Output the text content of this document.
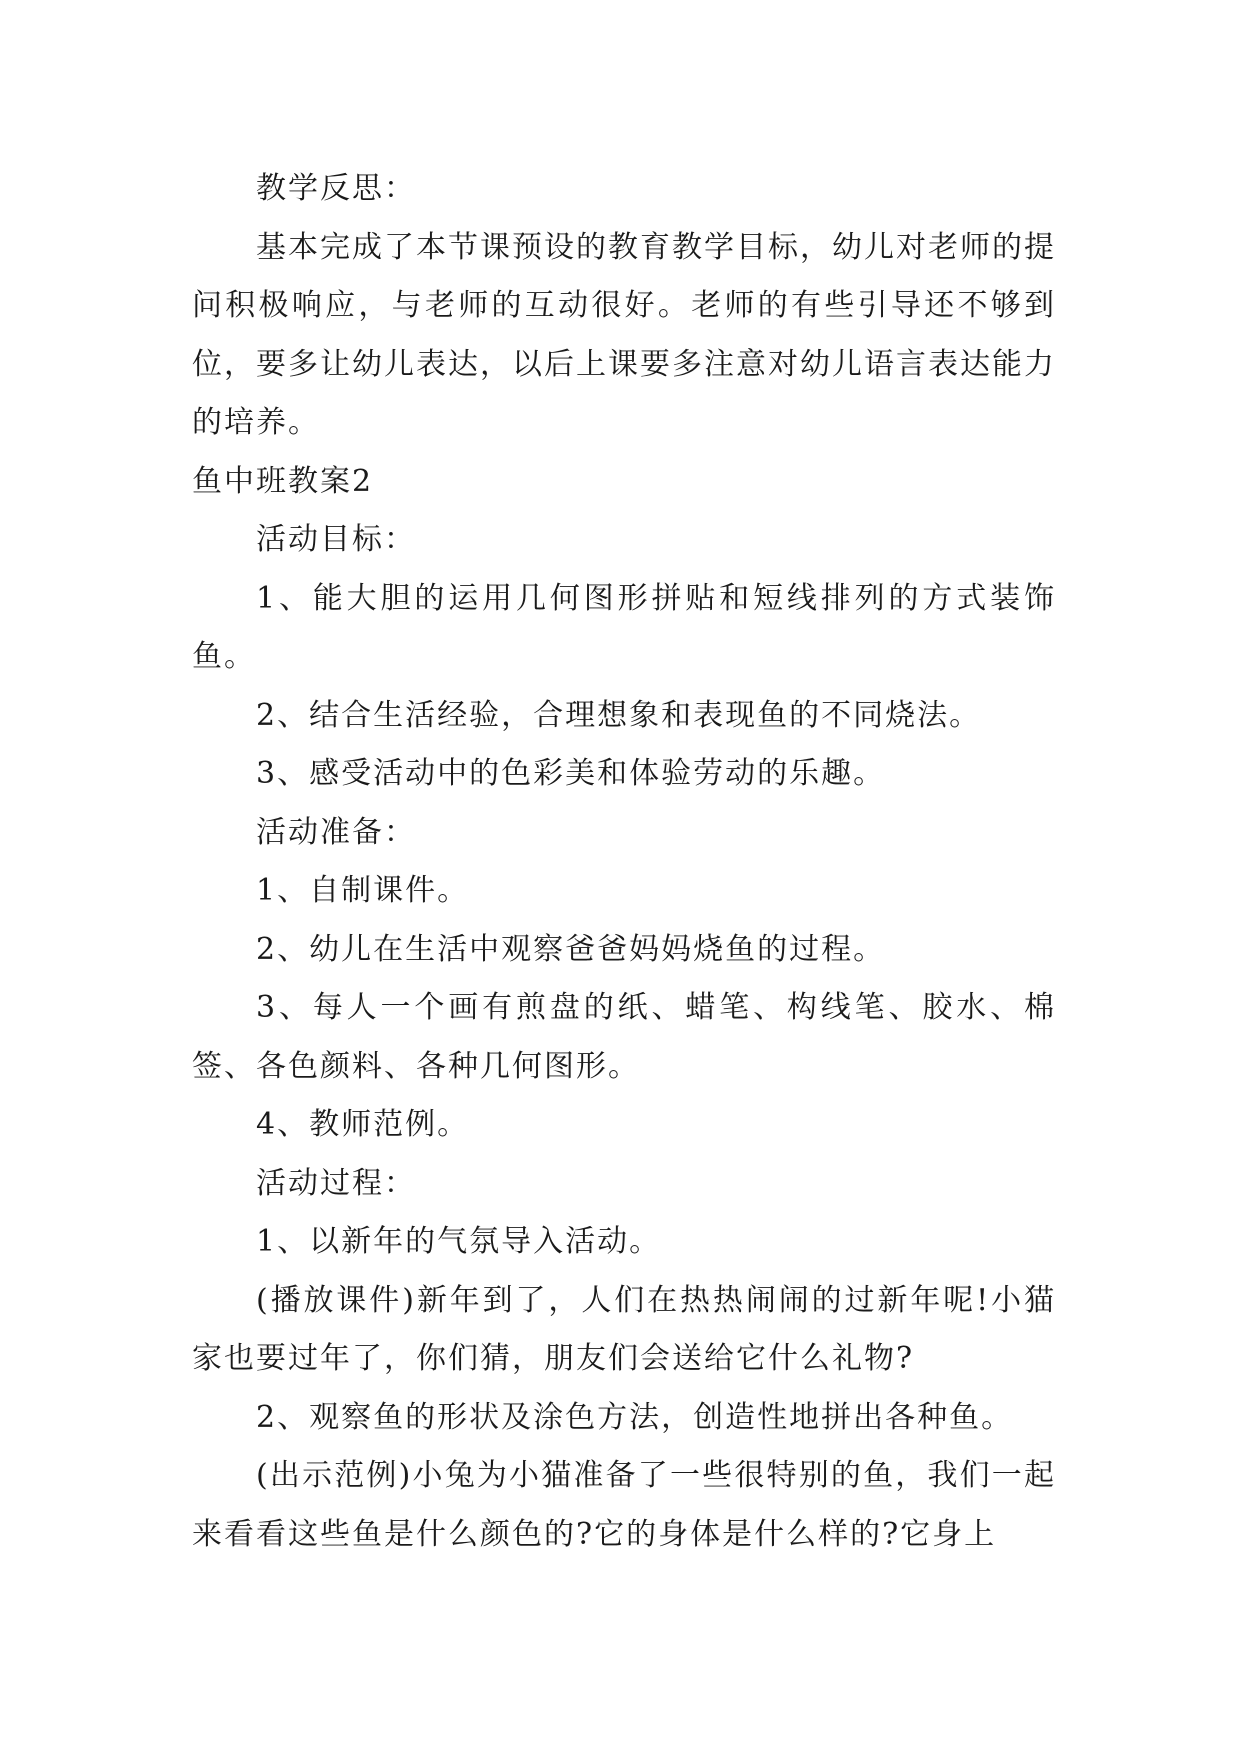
教学反思：

基本完成了本节课预设的教育教学目标，幼儿对老师的提问积极响应，与老师的互动很好。老师的有些引导还不够到位，要多让幼儿表达，以后上课要多注意对幼儿语言表达能力的培养。

鱼中班教案2

活动目标：

1、能大胆的运用几何图形拼贴和短线排列的方式装饰鱼。

2、结合生活经验，合理想象和表现鱼的不同烧法。

3、感受活动中的色彩美和体验劳动的乐趣。

活动准备：

1、自制课件。

2、幼儿在生活中观察爸爸妈妈烧鱼的过程。

3、每人一个画有煎盘的纸、蜡笔、构线笔、胶水、棉签、各色颜料、各种几何图形。

4、教师范例。

活动过程：

1、以新年的气氛导入活动。

(播放课件)新年到了，人们在热热闹闹的过新年呢!小猫家也要过年了，你们猜，朋友们会送给它什么礼物?

2、观察鱼的形状及涂色方法，创造性地拼出各种鱼。

(出示范例)小兔为小猫准备了一些很特别的鱼，我们一起来看看这些鱼是什么颜色的?它的身体是什么样的?它身上
